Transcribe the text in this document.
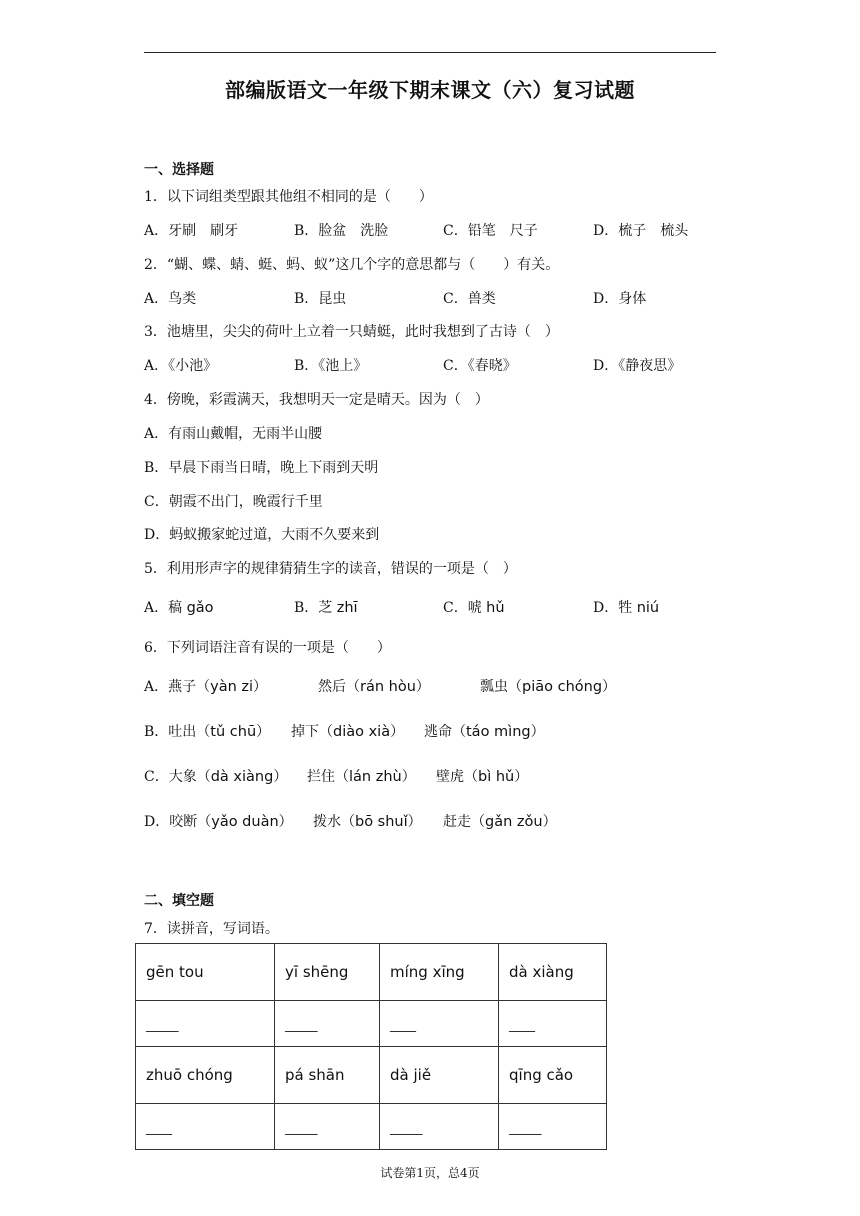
部编版语文一年级下期末课文（六）复习试题
一、选择题
1．以下词组类型跟其他组不相同的是（　　）
A．牙刷　刷牙	B．脸盆　洗脸	C．铅笔　尺子	D．梳子　梳头
2．“蝴、蝶、蜻、蜓、蚂、蚁”这几个字的意思都与（　　）有关。
A．鸟类	B．昆虫	C．兽类	D．身体
3．池塘里，尖尖的荷叶上立着一只蜻蜓，此时我想到了古诗（　）
A．《小池》	B．《池上》	C．《春晓》	D．《静夜思》
4．傍晚，彩霞满天，我想明天一定是晴天。因为（　）
A．有雨山戴帽，无雨半山腰
B．早晨下雨当日晴，晚上下雨到天明
C．朝霞不出门，晚霞行千里
D．蚂蚁搬家蛇过道，大雨不久要来到
5．利用形声字的规律猜猜生字的读音，错误的一项是（　）
A．稿 gǎo	B．芝 zhī	C．唬 hǔ	D．牲 niú
6．下列词语注音有误的一项是（　　）
A．燕子（yàn zi）	然后（rán hòu）	瓢虫（piāo chóng）
B．吐出（tǔ chū） 掉下（diào xià） 逃命（táo mìng）
C．大象（dà xiàng） 拦住（lán zhù） 壁虎（bì hǔ）
D．咬断（yǎo duàn） 拨水（bō shuǐ） 赶走（gǎn zǒu）
二、填空题
7．读拼音，写词语。
gēn tou	yī shēng	míng xīng	dà xiàng
_____	_____	____	____
zhuō chóng	pá shān	dà jiě	qīng cǎo
____	_____	_____	_____
试卷第1页，总4页
